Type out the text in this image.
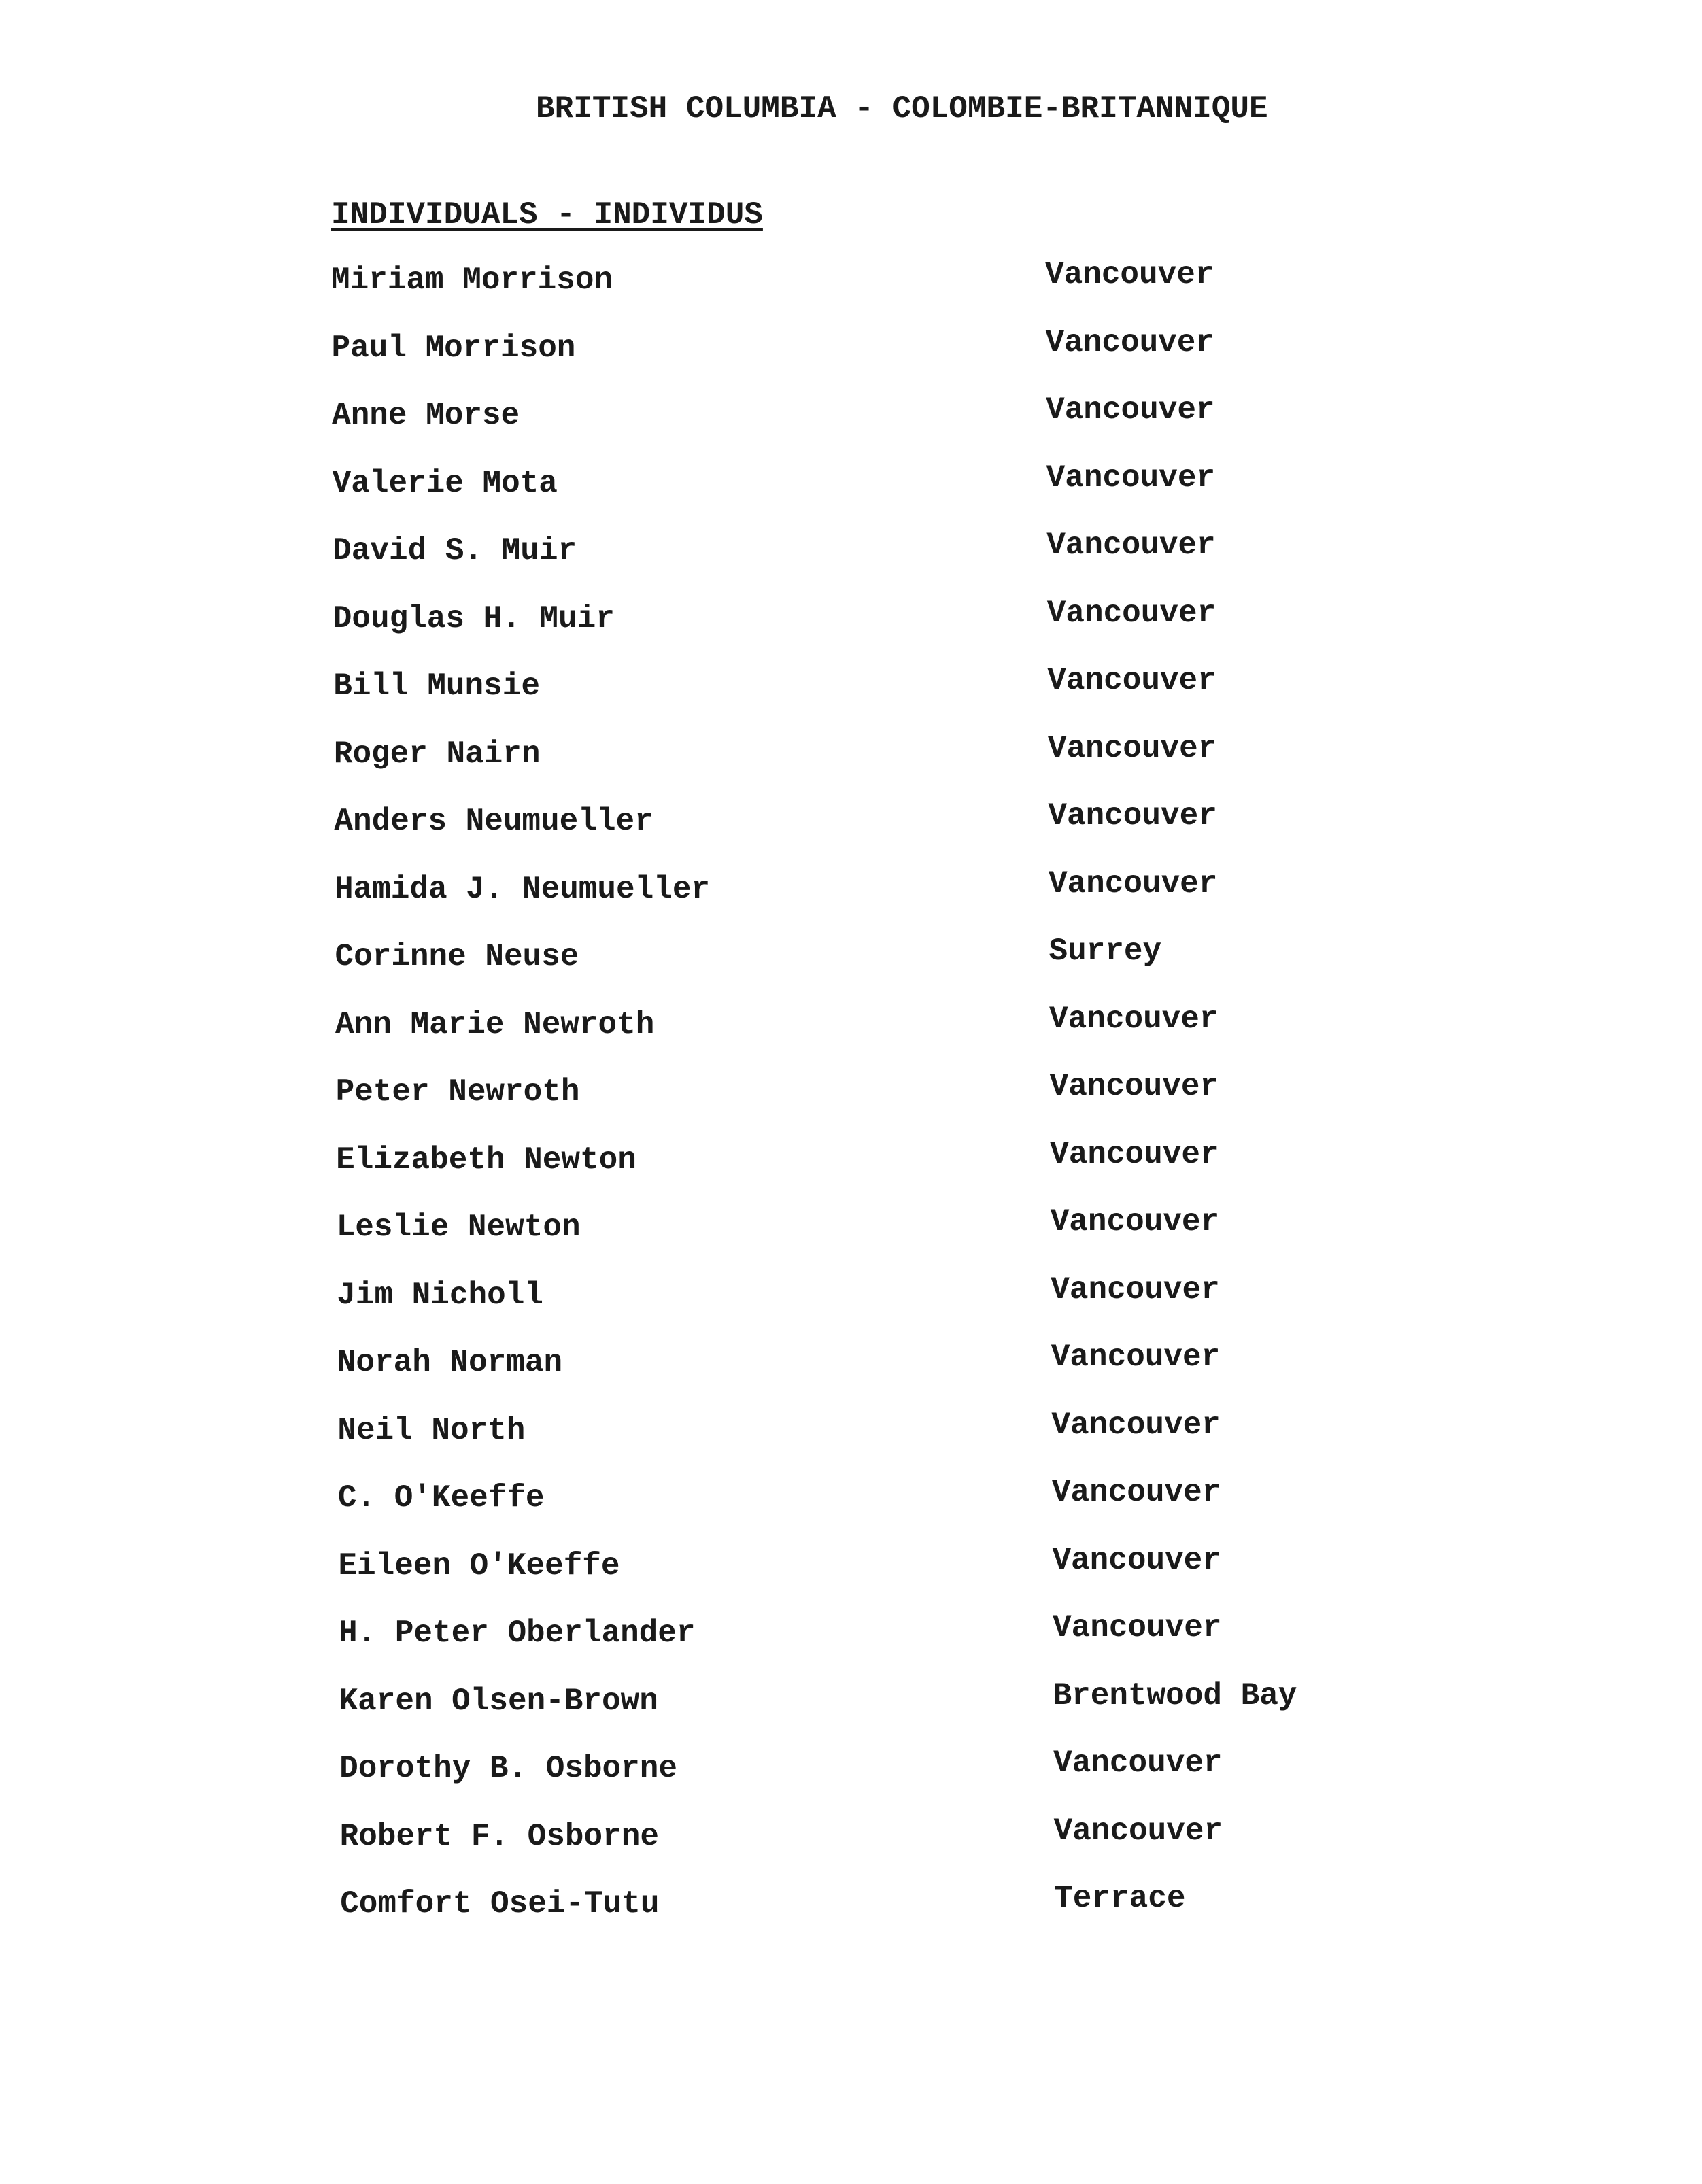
BRITISH COLUMBIA - COLOMBIE-BRITANNIQUE
INDIVIDUALS - INDIVIDUS
Miriam Morrison	Vancouver
Paul Morrison	Vancouver
Anne Morse	Vancouver
Valerie Mota	Vancouver
David S. Muir	Vancouver
Douglas H. Muir	Vancouver
Bill Munsie	Vancouver
Roger Nairn	Vancouver
Anders Neumueller	Vancouver
Hamida J. Neumueller	Vancouver
Corinne Neuse	Surrey
Ann Marie Newroth	Vancouver
Peter Newroth	Vancouver
Elizabeth Newton	Vancouver
Leslie Newton	Vancouver
Jim Nicholl	Vancouver
Norah Norman	Vancouver
Neil North	Vancouver
C. O'Keeffe	Vancouver
Eileen O'Keeffe	Vancouver
H. Peter Oberlander	Vancouver
Karen Olsen-Brown	Brentwood Bay
Dorothy B. Osborne	Vancouver
Robert F. Osborne	Vancouver
Comfort Osei-Tutu	Terrace
